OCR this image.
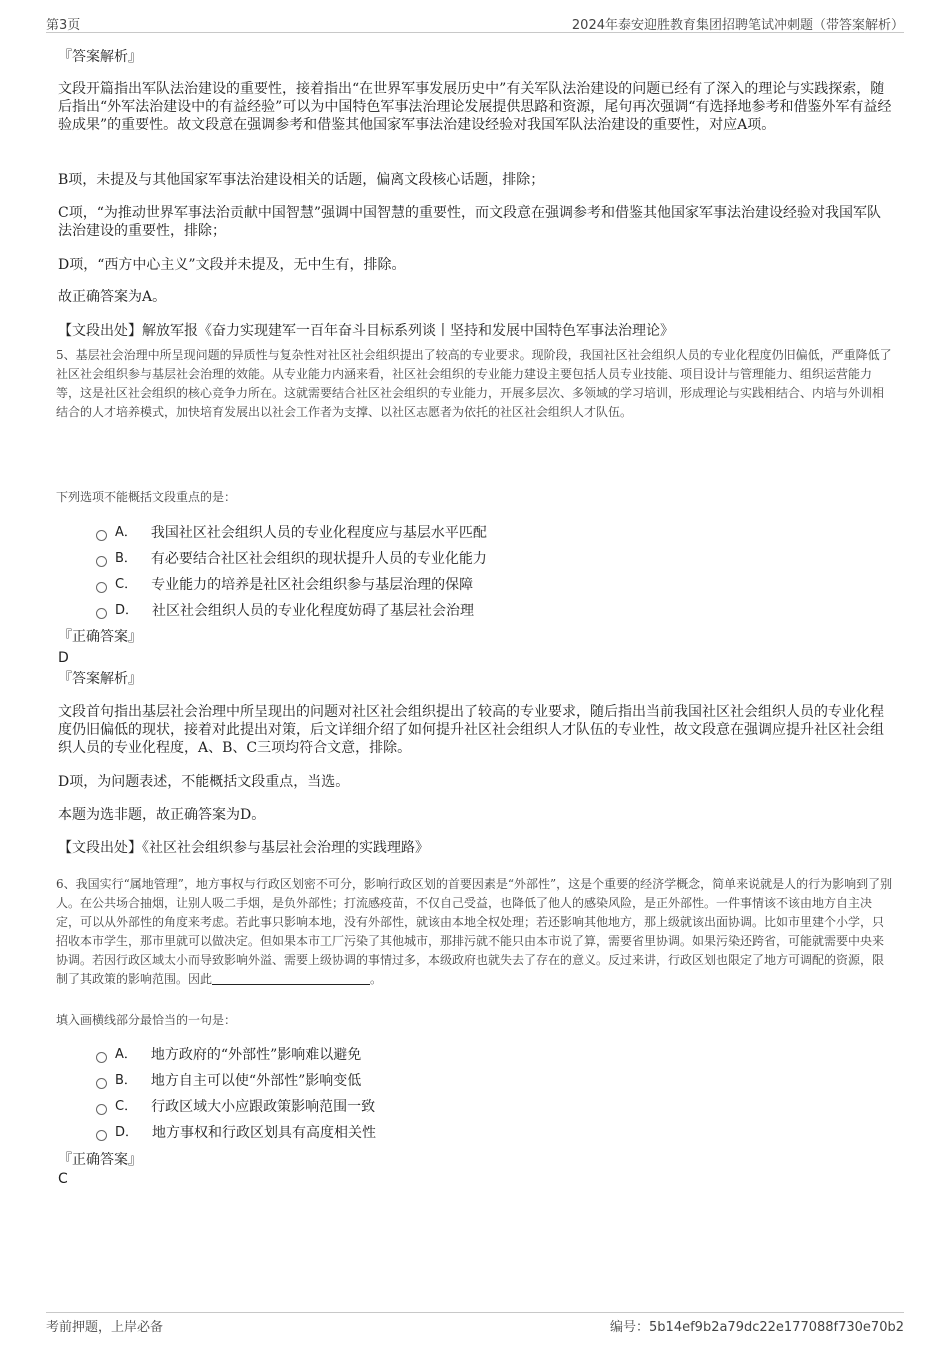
第3页	2024年泰安迎胜教育集团招聘笔试冲刺题（带答案解析）

『答案解析』

文段开篇指出军队法治建设的重要性，接着指出“在世界军事发展历史中”有关军队法治建设的问题已经有了深入的理论与实践探索，随后指出“外军法治建设中的有益经验”可以为中国特色军事法治理论发展提供思路和资源，尾句再次强调“有选择地参考和借鉴外军有益经验成果”的重要性。故文段意在强调参考和借鉴其他国家军事法治建设经验对我国军队法治建设的重要性，对应A项。

B项，未提及与其他国家军事法治建设相关的话题，偏离文段核心话题，排除；

C项，“为推动世界军事法治贡献中国智慧”强调中国智慧的重要性，而文段意在强调参考和借鉴其他国家军事法治建设经验对我国军队法治建设的重要性，排除；

D项，“西方中心主义”文段并未提及，无中生有，排除。

故正确答案为A。

【文段出处】解放军报《奋力实现建军一百年奋斗目标系列谈丨坚持和发展中国特色军事法治理论》

5、基层社会治理中所呈现问题的异质性与复杂性对社区社会组织提出了较高的专业要求。现阶段，我国社区社会组织人员的专业化程度仍旧偏低，严重降低了社区社会组织参与基层社会治理的效能。从专业能力内涵来看，社区社会组织的专业能力建设主要包括人员专业技能、项目设计与管理能力、组织运营能力等，这是社区社会组织的核心竞争力所在。这就需要结合社区社会组织的专业能力，开展多层次、多领域的学习培训，形成理论与实践相结合、内培与外训相结合的人才培养模式，加快培育发展出以社会工作者为支撑、以社区志愿者为依托的社区社会组织人才队伍。

下列选项不能概括文段重点的是：

A． 我国社区社会组织人员的专业化程度应与基层水平匹配
B． 有必要结合社区社会组织的现状提升人员的专业化能力
C． 专业能力的培养是社区社会组织参与基层治理的保障
D． 社区社会组织人员的专业化程度妨碍了基层社会治理

『正确答案』

D

『答案解析』

文段首句指出基层社会治理中所呈现出的问题对社区社会组织提出了较高的专业要求，随后指出当前我国社区社会组织人员的专业化程度仍旧偏低的现状，接着对此提出对策，后文详细介绍了如何提升社区社会组织人才队伍的专业性，故文段意在强调应提升社区社会组织人员的专业化程度，A、B、C三项均符合文意，排除。

D项，为问题表述，不能概括文段重点，当选。

本题为选非题，故正确答案为D。

【文段出处】《社区社会组织参与基层社会治理的实践理路》

6、我国实行“属地管理”，地方事权与行政区划密不可分，影响行政区划的首要因素是“外部性”，这是个重要的经济学概念，简单来说就是人的行为影响到了别人。在公共场合抽烟，让别人吸二手烟，是负外部性；打流感疫苗，不仅自己受益，也降低了他人的感染风险，是正外部性。一件事情该不该由地方自主决定，可以从外部性的角度来考虑。若此事只影响本地，没有外部性，就该由本地全权处理；若还影响其他地方，那上级就该出面协调。比如市里建个小学，只招收本市学生，那市里就可以做决定。但如果本市工厂污染了其他城市，那排污就不能只由本市说了算，需要省里协调。如果污染还跨省，可能就需要中央来协调。若因行政区域太小而导致影响外溢、需要上级协调的事情过多，本级政府也就失去了存在的意义。反过来讲，行政区划也限定了地方可调配的资源，限制了其政策的影响范围。因此	。

填入画横线部分最恰当的一句是：

A． 地方政府的“外部性”影响难以避免
B． 地方自主可以使“外部性”影响变低
C． 行政区域大小应跟政策影响范围一致
D． 地方事权和行政区划具有高度相关性

『正确答案』

C

考前押题，上岸必备	编号：5b14ef9b2a79dc22e177088f730e70b2
